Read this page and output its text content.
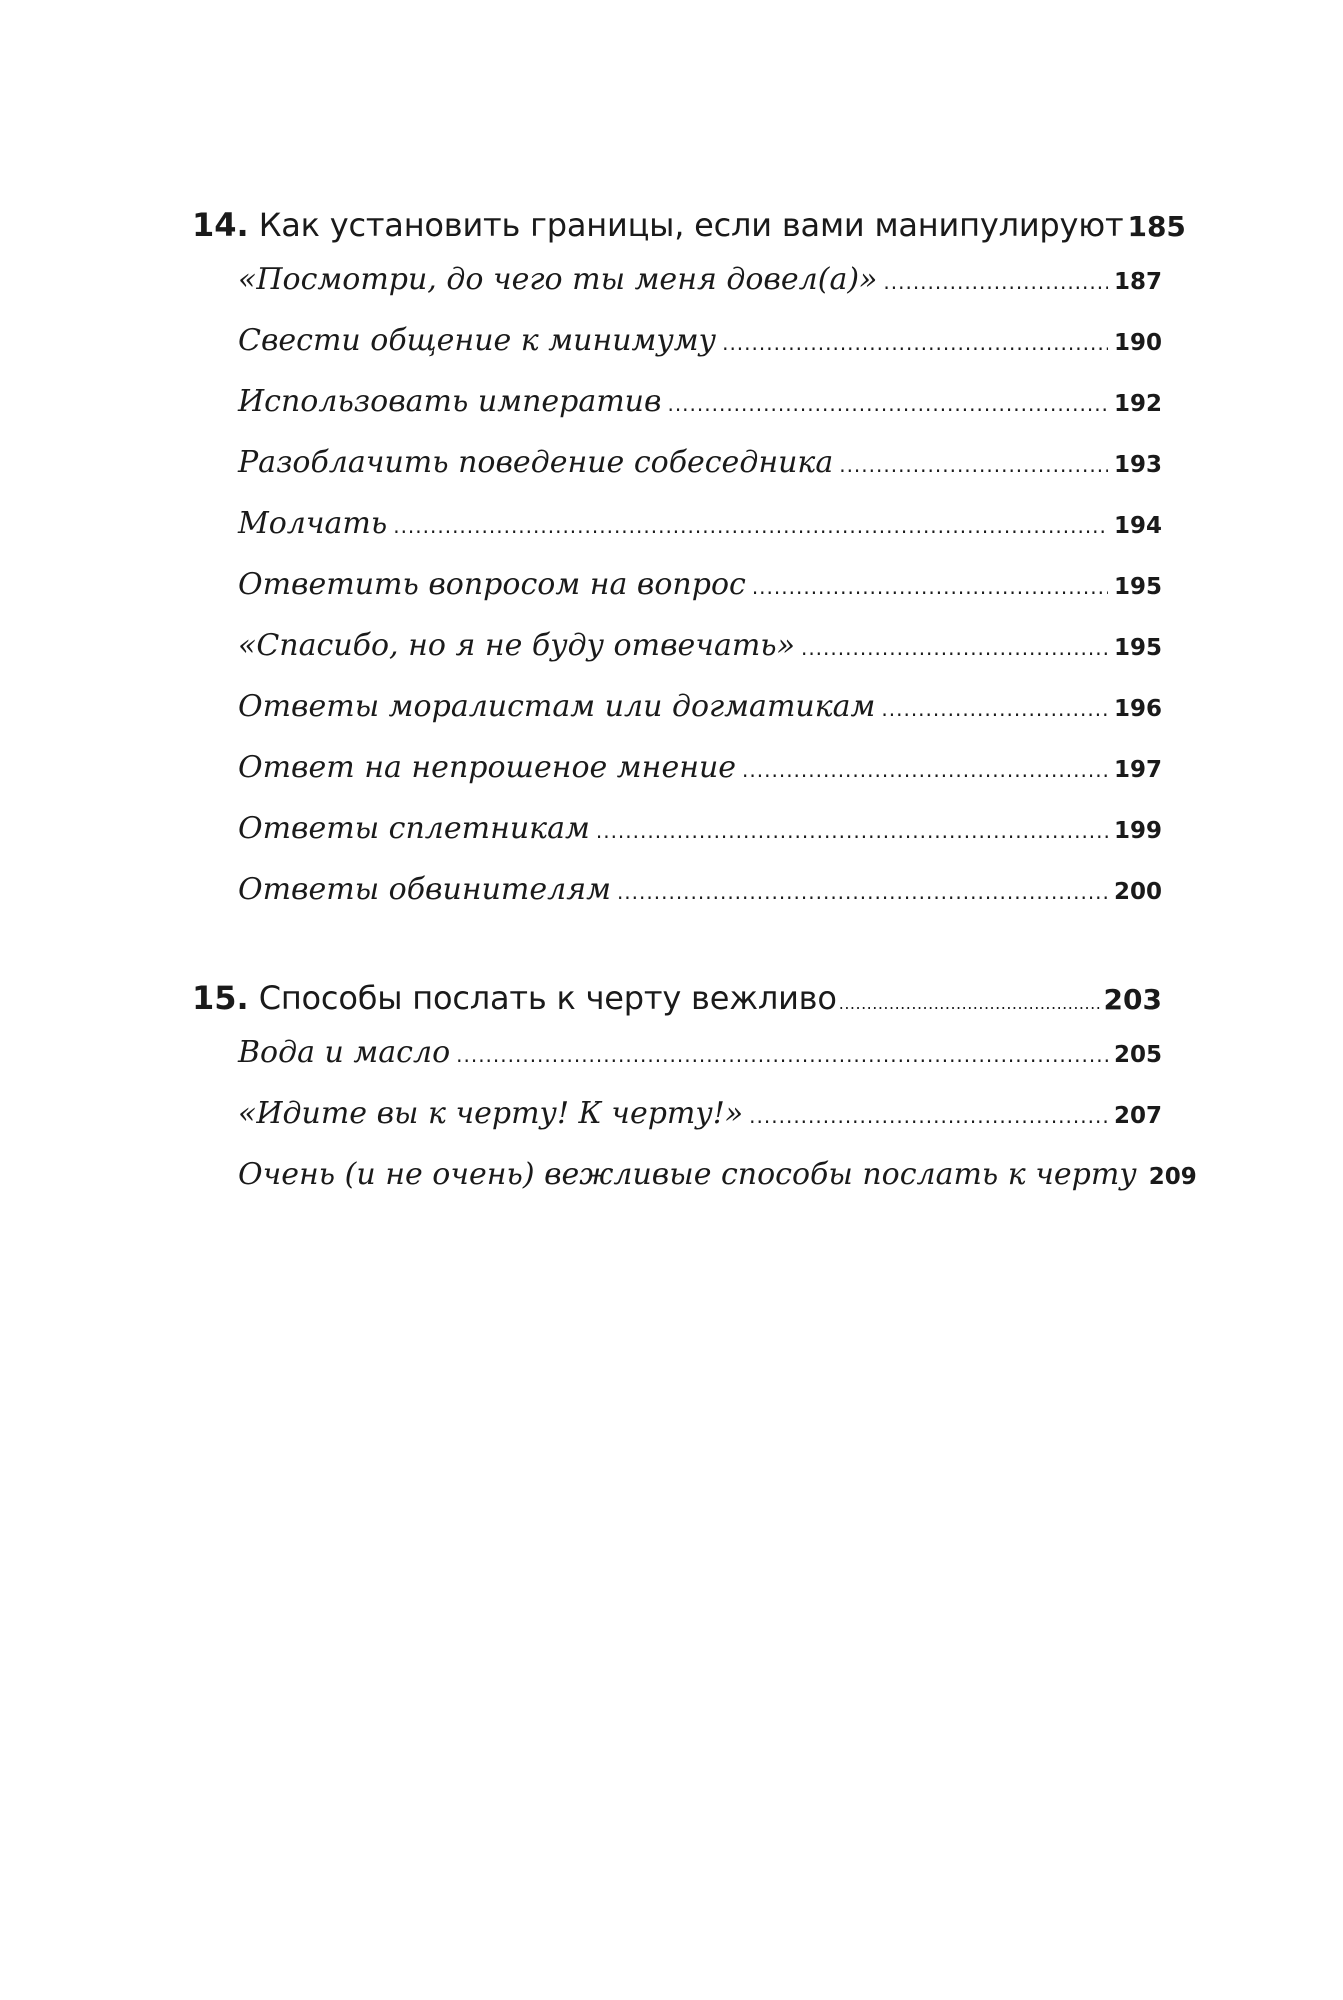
14. Как установить границы, если вами манипулируют 185
«Посмотри, до чего ты меня довел(а)» .....	187
Свести общение к минимуму .....	190
Использовать императив .....	192
Разоблачить поведение собеседника .....	193
Молчать .....	194
Ответить вопросом на вопрос .....	195
«Спасибо, но я не буду отвечать» .....	195
Ответы моралистам или догматикам .....	196
Ответ на непрошеное мнение .....	197
Ответы сплетникам .....	199
Ответы обвинителям .....	200
15. Способы послать к черту вежливо .....	203
Вода и масло .....	205
«Идите вы к черту! К черту!» .....	207
Очень (и не очень) вежливые способы послать к черту 209
